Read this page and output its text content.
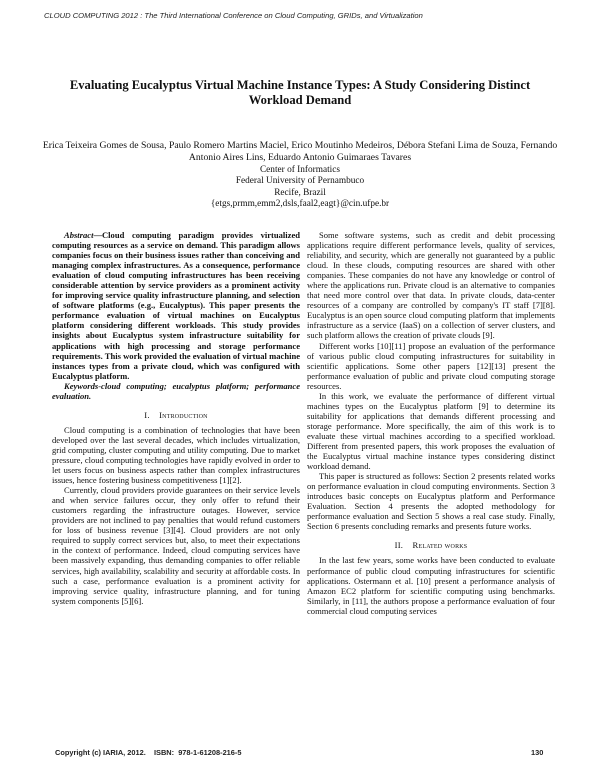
CLOUD COMPUTING 2012 : The Third International Conference on Cloud Computing, GRIDs, and Virtualization
Evaluating Eucalyptus Virtual Machine Instance Types: A Study Considering Distinct Workload Demand
Erica Teixeira Gomes de Sousa, Paulo Romero Martins Maciel, Erico Moutinho Medeiros, Débora Stefani Lima de Souza, Fernando Antonio Aires Lins, Eduardo Antonio Guimaraes Tavares
Center of Informatics
Federal University of Pernambuco
Recife, Brazil
{etgs,prmm,emm2,dsls,faal2,eagt}@cin.ufpe.br

Abstract—Cloud computing paradigm provides virtualized computing resources as a service on demand. This paradigm allows companies focus on their business issues rather than conceiving and managing complex infrastructures. As a consequence, performance evaluation of cloud computing infrastructures has been receiving considerable attention by service providers as a prominent activity for improving service quality infrastructure planning, and selection of software platforms (e.g., Eucalyptus). This paper presents the performance evaluation of virtual machines on Eucalyptus platform considering different workloads. This study provides insights about Eucalyptus system infrastructure suitability for applications with high processing and storage performance requirements. This work provided the evaluation of virtual machine instances types from a private cloud, which was configured with Eucalyptus platform.

Keywords-cloud computing; eucalyptus platform; performance evaluation.

I. Introduction

Cloud computing is a combination of technologies that have been developed over the last several decades, which includes virtualization, grid computing, cluster computing and utility computing. Due to market pressure, cloud computing technologies have rapidly evolved in order to let users focus on business aspects rather than complex infrastructures issues, hence fostering business competitiveness [1][2].

Currently, cloud providers provide guarantees on their service levels and when service failures occur, they only offer to refund their customers regarding the infrastructure outages. However, service providers are not inclined to pay penalties that would refund customers for loss of business revenue [3][4]. Cloud providers are not only required to supply correct services but, also, to meet their expectations in the context of performance. Indeed, cloud computing services have been massively expanding, thus demanding companies to offer reliable services, high availability, scalability and security at affordable costs. In such a case, performance evaluation is a prominent activity for improving service quality, infrastructure planning, and for tuning system components [5][6].

Some software systems, such as credit and debit processing applications require different performance levels, quality of services, reliability, and security, which are generally not guaranteed by a public cloud. In these clouds, computing resources are shared with other companies. These companies do not have any knowledge or control of where the applications run. Private cloud is an alternative to companies that need more control over that data. In private clouds, data-center resources of a company are controlled by company's IT staff [7][8]. Eucalyptus is an open source cloud computing platform that implements infrastructure as a service (IaaS) on a collection of server clusters, and such platform allows the creation of private clouds [9].

Different works [10][11] propose an evaluation of the performance of various public cloud computing infrastructures for suitability in scientific applications. Some other papers [12][13] present the performance evaluation of public and private cloud computing storage resources.

In this work, we evaluate the performance of different virtual machines types on the Eucalyptus platform [9] to determine its suitability for applications that demands different processing and storage performance. More specifically, the aim of this work is to evaluate these virtual machines according to a specified workload. Different from presented papers, this work proposes the evaluation of the Eucalyptus virtual machine instance types considering distinct workload demand.

This paper is structured as follows: Section 2 presents related works on performance evaluation in cloud computing environments. Section 3 introduces basic concepts on Eucalyptus platform and Performance Evaluation. Section 4 presents the adopted methodology for performance evaluation and Section 5 shows a real case study. Finally, Section 6 presents concluding remarks and presents future works.

II. Related works

In the last few years, some works have been conducted to evaluate performance of public cloud computing infrastructures for scientific applications. Ostermann et al. [10] present a performance analysis of Amazon EC2 platform for scientific computing using benchmarks. Similarly, in [11], the authors propose a performance evaluation of four commercial cloud computing services

Copyright (c) IARIA, 2012.    ISBN:  978-1-61208-216-5	130
